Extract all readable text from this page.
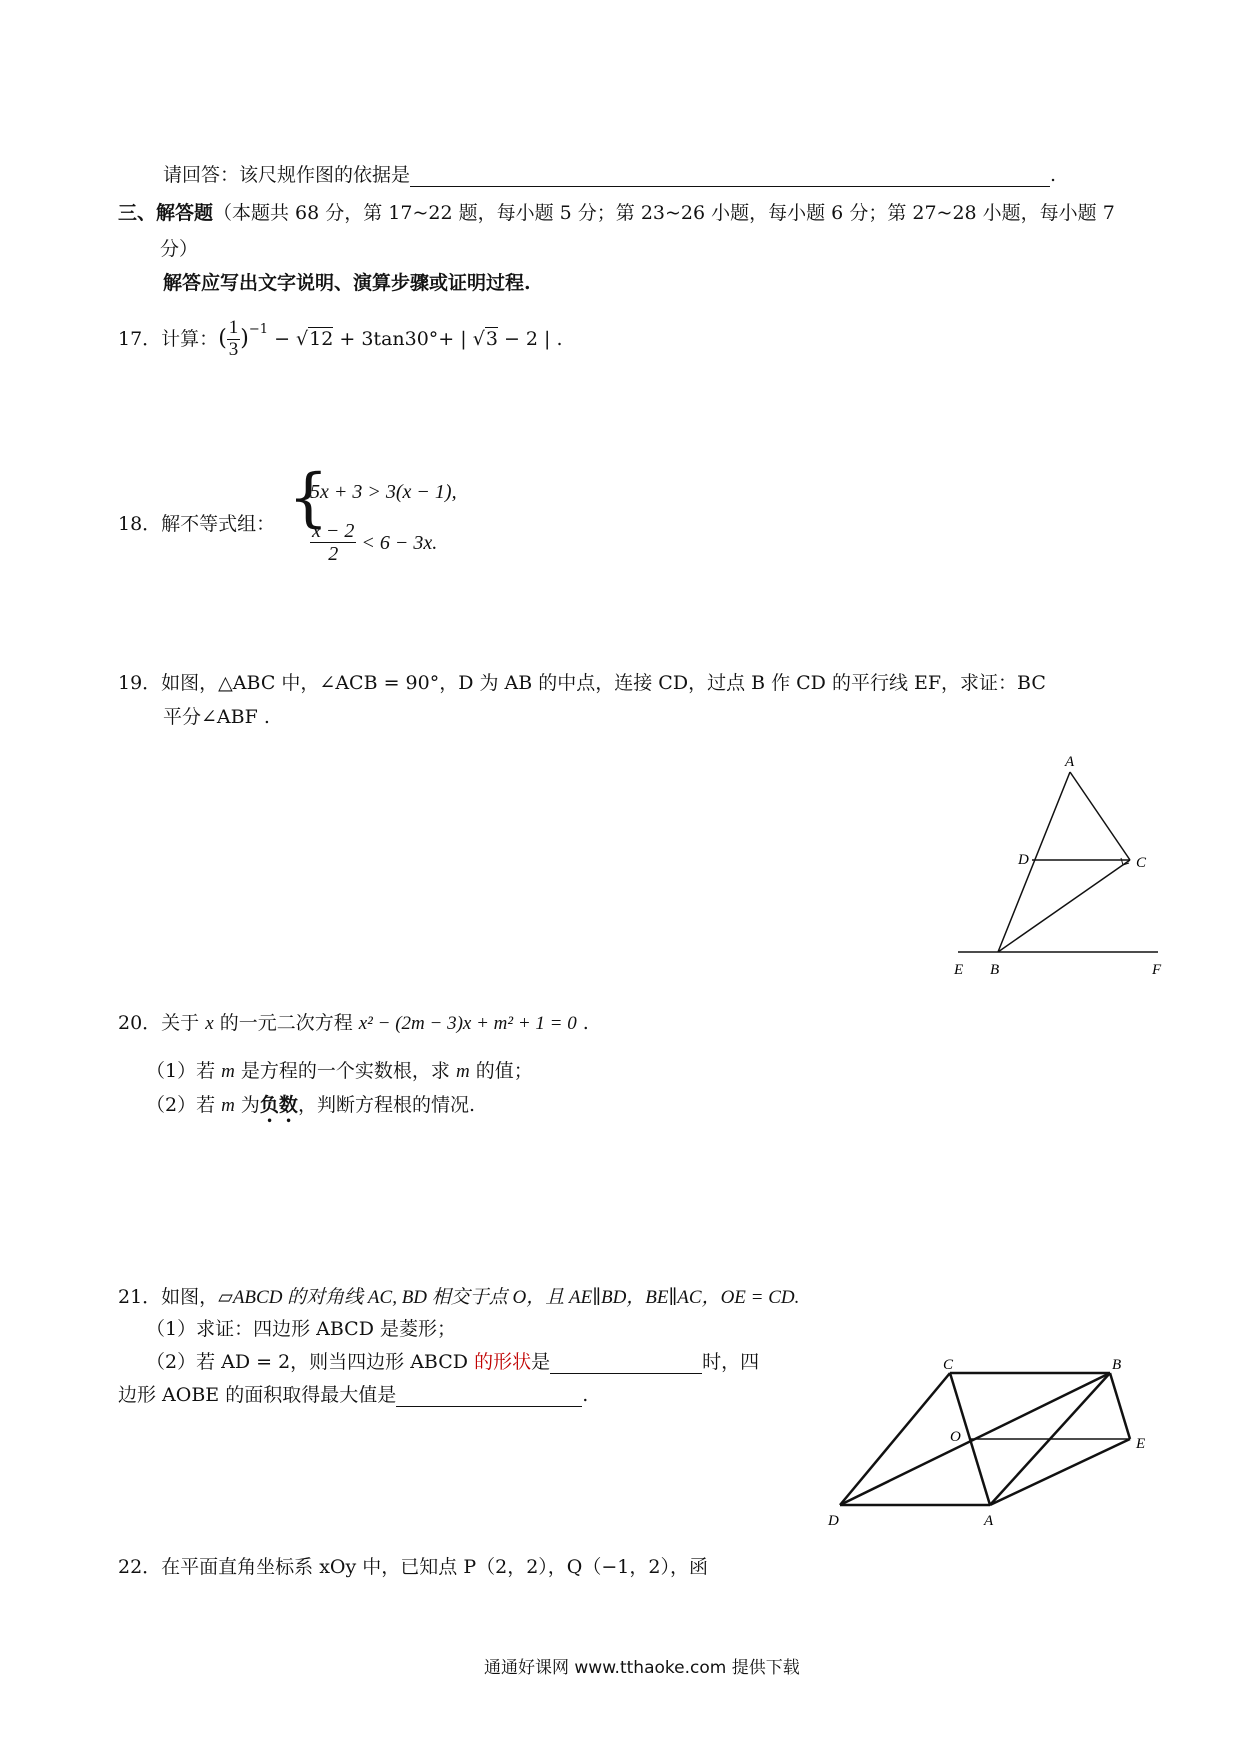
请回答：该尺规作图的依据是	.
三、解答题（本题共 68 分，第 17~22 题，每小题 5 分；第 23~26 小题，每小题 6 分；第 27~28 小题，每小题 7
分）
解答应写出文字说明、演算步骤或证明过程.
17．计算： ( $\frac{1}{3} )^{-1}$ − √ 12 + 3tan30°+ | √ 3 − 2 | .
18．解不等式组： {
5x + 3 > 3(x − 1),
$\frac{x - 2}{2} < 6 - 3x$.
19．如图，△ABC 中，∠ACB = 90°，D 为 AB 的中点，连接 CD，过点 B 作 CD 的平行线 EF，求证：BC
平分∠ABF .
A
D	C
E B	F
20．关于 x 的一元二次方程 x² − (2m − 3)x + m² + 1 = 0 .
（1）若 m 是方程的一个实数根，求 m 的值；
（2）若 m 为负数，判断方程根的情况.
21．如图，▱ABCD 的对角线 AC, BD 相交于点 O，且 AE∥BD，BE∥AC，OE = CD.
（1）求证：四边形 ABCD 是菱形；
（2）若 AD = 2，则当四边形 ABCD 的形状是	时，四
边形 AOBE 的面积取得最大值是	.
C	B
O	E
D	A
22．在平面直角坐标系 xOy 中，已知点 P（2，2），Q（−1，2），函
通通好课网 www.tthaoke.com 提供下载
